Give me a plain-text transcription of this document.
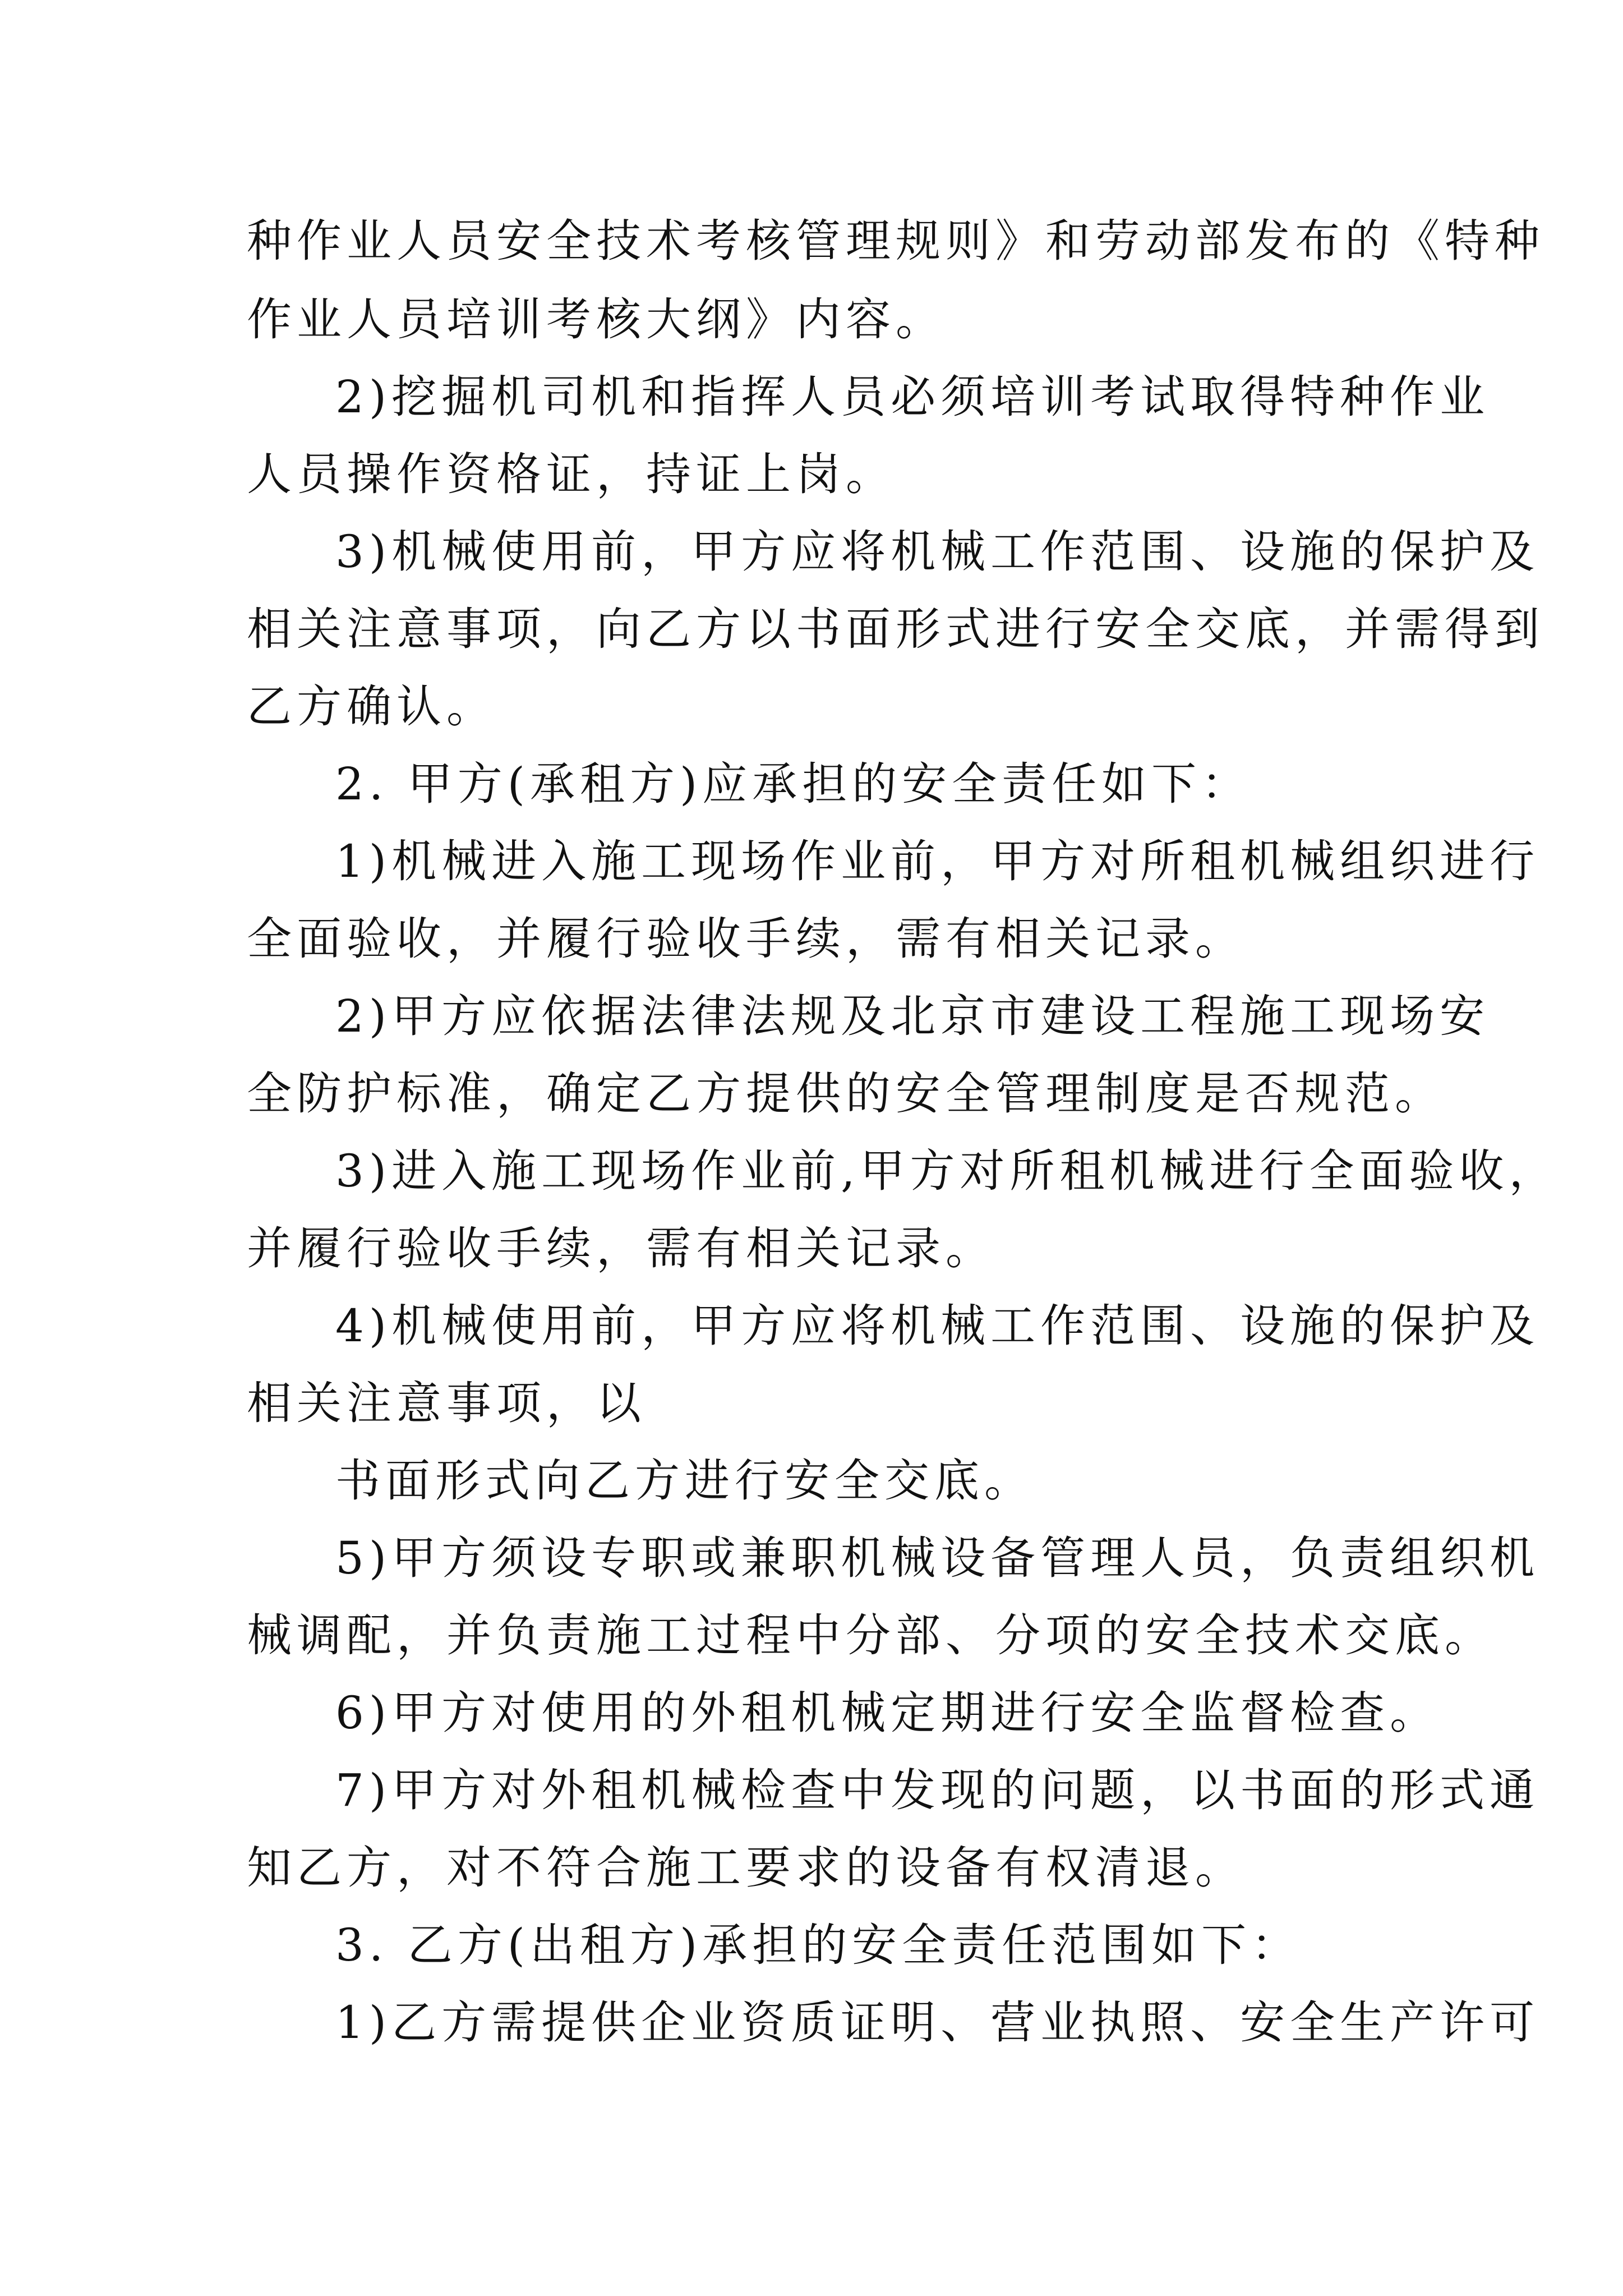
种作业人员安全技术考核管理规则》和劳动部发布的《特种

作业人员培训考核大纲》内容。

2)挖掘机司机和指挥人员必须培训考试取得特种作业

人员操作资格证，持证上岗。

3)机械使用前，甲方应将机械工作范围、设施的保护及

相关注意事项，向乙方以书面形式进行安全交底，并需得到

乙方确认。

2. 甲方(承租方)应承担的安全责任如下：

1)机械进入施工现场作业前，甲方对所租机械组织进行

全面验收，并履行验收手续，需有相关记录。

2)甲方应依据法律法规及北京市建设工程施工现场安

全防护标准，确定乙方提供的安全管理制度是否规范。

3)进入施工现场作业前,甲方对所租机械进行全面验收，

并履行验收手续，需有相关记录。

4)机械使用前，甲方应将机械工作范围、设施的保护及

相关注意事项，以

书面形式向乙方进行安全交底。

5)甲方须设专职或兼职机械设备管理人员，负责组织机

械调配，并负责施工过程中分部、分项的安全技术交底。

6)甲方对使用的外租机械定期进行安全监督检查。

7)甲方对外租机械检查中发现的问题，以书面的形式通

知乙方，对不符合施工要求的设备有权清退。

3. 乙方(出租方)承担的安全责任范围如下：

1)乙方需提供企业资质证明、营业执照、安全生产许可
